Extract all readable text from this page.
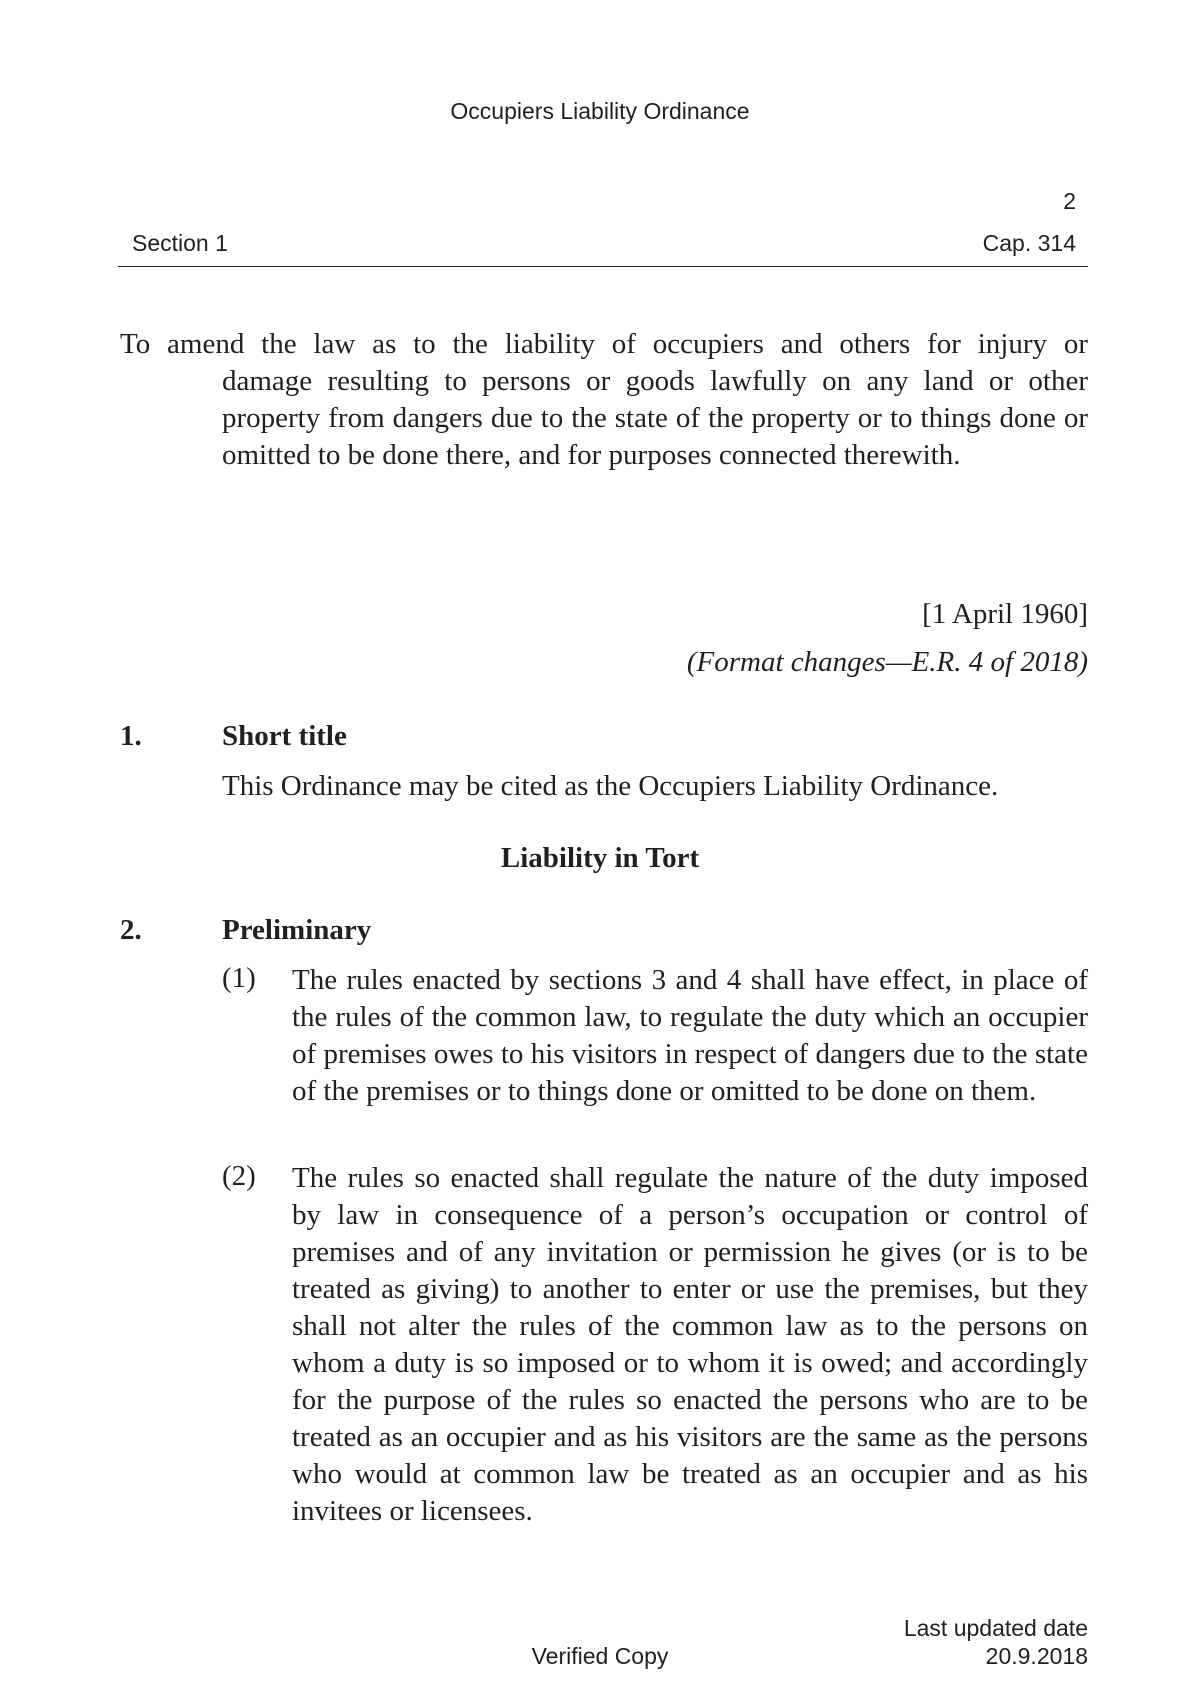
Occupiers Liability Ordinance
2
Section 1	Cap. 314
To amend the law as to the liability of occupiers and others for injury or
damage resulting to persons or goods lawfully on any land or other property from dangers due to the state of the property or to things done or omitted to be done there, and for purposes connected therewith.
[1 April 1960]
(Format changes—E.R. 4 of 2018)
1.	Short title
This Ordinance may be cited as the Occupiers Liability Ordinance.
Liability in Tort
2.	Preliminary
(1) The rules enacted by sections 3 and 4 shall have effect, in place of the rules of the common law, to regulate the duty which an occupier of premises owes to his visitors in respect of dangers due to the state of the premises or to things done or omitted to be done on them.
(2) The rules so enacted shall regulate the nature of the duty imposed by law in consequence of a person’s occupation or control of premises and of any invitation or permission he gives (or is to be treated as giving) to another to enter or use the premises, but they shall not alter the rules of the common law as to the persons on whom a duty is so imposed or to whom it is owed; and accordingly for the purpose of the rules so enacted the persons who are to be treated as an occupier and as his visitors are the same as the persons who would at common law be treated as an occupier and as his invitees or licensees.
Last updated date
Verified Copy	20.9.2018
